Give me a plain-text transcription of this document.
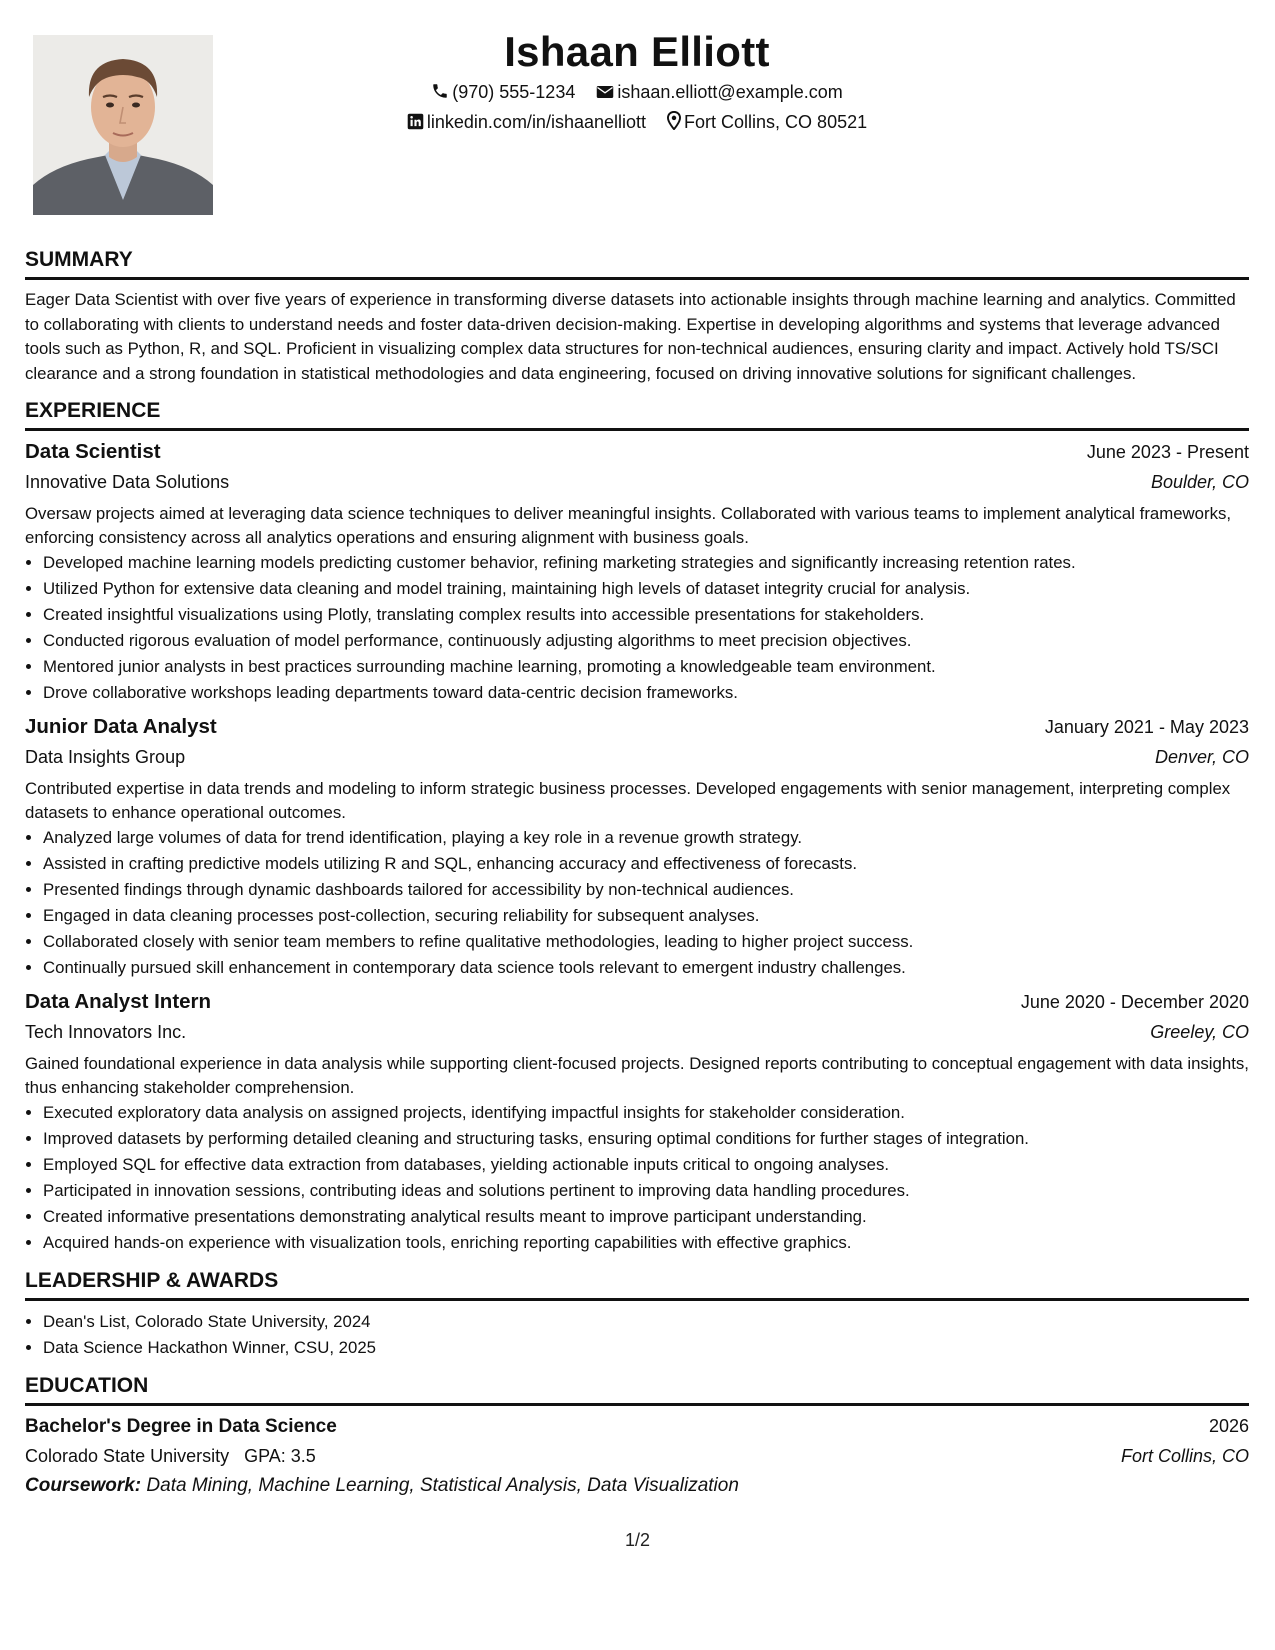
Ishaan Elliott
(970) 555-1234 ishaan.elliott@example.com
linkedin.com/in/ishaanelliott Fort Collins, CO 80521
SUMMARY
Eager Data Scientist with over five years of experience in transforming diverse datasets into actionable insights through machine learning and analytics. Committed to collaborating with clients to understand needs and foster data-driven decision-making. Expertise in developing algorithms and systems that leverage advanced tools such as Python, R, and SQL. Proficient in visualizing complex data structures for non-technical audiences, ensuring clarity and impact. Actively hold TS/SCI clearance and a strong foundation in statistical methodologies and data engineering, focused on driving innovative solutions for significant challenges.
EXPERIENCE
Data Scientist	June 2023 - Present
Innovative Data Solutions	Boulder, CO
Oversaw projects aimed at leveraging data science techniques to deliver meaningful insights. Collaborated with various teams to implement analytical frameworks, enforcing consistency across all analytics operations and ensuring alignment with business goals.
• Developed machine learning models predicting customer behavior, refining marketing strategies and significantly increasing retention rates.
• Utilized Python for extensive data cleaning and model training, maintaining high levels of dataset integrity crucial for analysis.
• Created insightful visualizations using Plotly, translating complex results into accessible presentations for stakeholders.
• Conducted rigorous evaluation of model performance, continuously adjusting algorithms to meet precision objectives.
• Mentored junior analysts in best practices surrounding machine learning, promoting a knowledgeable team environment.
• Drove collaborative workshops leading departments toward data-centric decision frameworks.
Junior Data Analyst	January 2021 - May 2023
Data Insights Group	Denver, CO
Contributed expertise in data trends and modeling to inform strategic business processes. Developed engagements with senior management, interpreting complex datasets to enhance operational outcomes.
• Analyzed large volumes of data for trend identification, playing a key role in a revenue growth strategy.
• Assisted in crafting predictive models utilizing R and SQL, enhancing accuracy and effectiveness of forecasts.
• Presented findings through dynamic dashboards tailored for accessibility by non-technical audiences.
• Engaged in data cleaning processes post-collection, securing reliability for subsequent analyses.
• Collaborated closely with senior team members to refine qualitative methodologies, leading to higher project success.
• Continually pursued skill enhancement in contemporary data science tools relevant to emergent industry challenges.
Data Analyst Intern	June 2020 - December 2020
Tech Innovators Inc.	Greeley, CO
Gained foundational experience in data analysis while supporting client-focused projects. Designed reports contributing to conceptual engagement with data insights, thus enhancing stakeholder comprehension.
• Executed exploratory data analysis on assigned projects, identifying impactful insights for stakeholder consideration.
• Improved datasets by performing detailed cleaning and structuring tasks, ensuring optimal conditions for further stages of integration.
• Employed SQL for effective data extraction from databases, yielding actionable inputs critical to ongoing analyses.
• Participated in innovation sessions, contributing ideas and solutions pertinent to improving data handling procedures.
• Created informative presentations demonstrating analytical results meant to improve participant understanding.
• Acquired hands-on experience with visualization tools, enriching reporting capabilities with effective graphics.
LEADERSHIP & AWARDS
• Dean's List, Colorado State University, 2024
• Data Science Hackathon Winner, CSU, 2025
EDUCATION
Bachelor's Degree in Data Science	2026
Colorado State University GPA: 3.5	Fort Collins, CO
Coursework: Data Mining, Machine Learning, Statistical Analysis, Data Visualization
1/2
